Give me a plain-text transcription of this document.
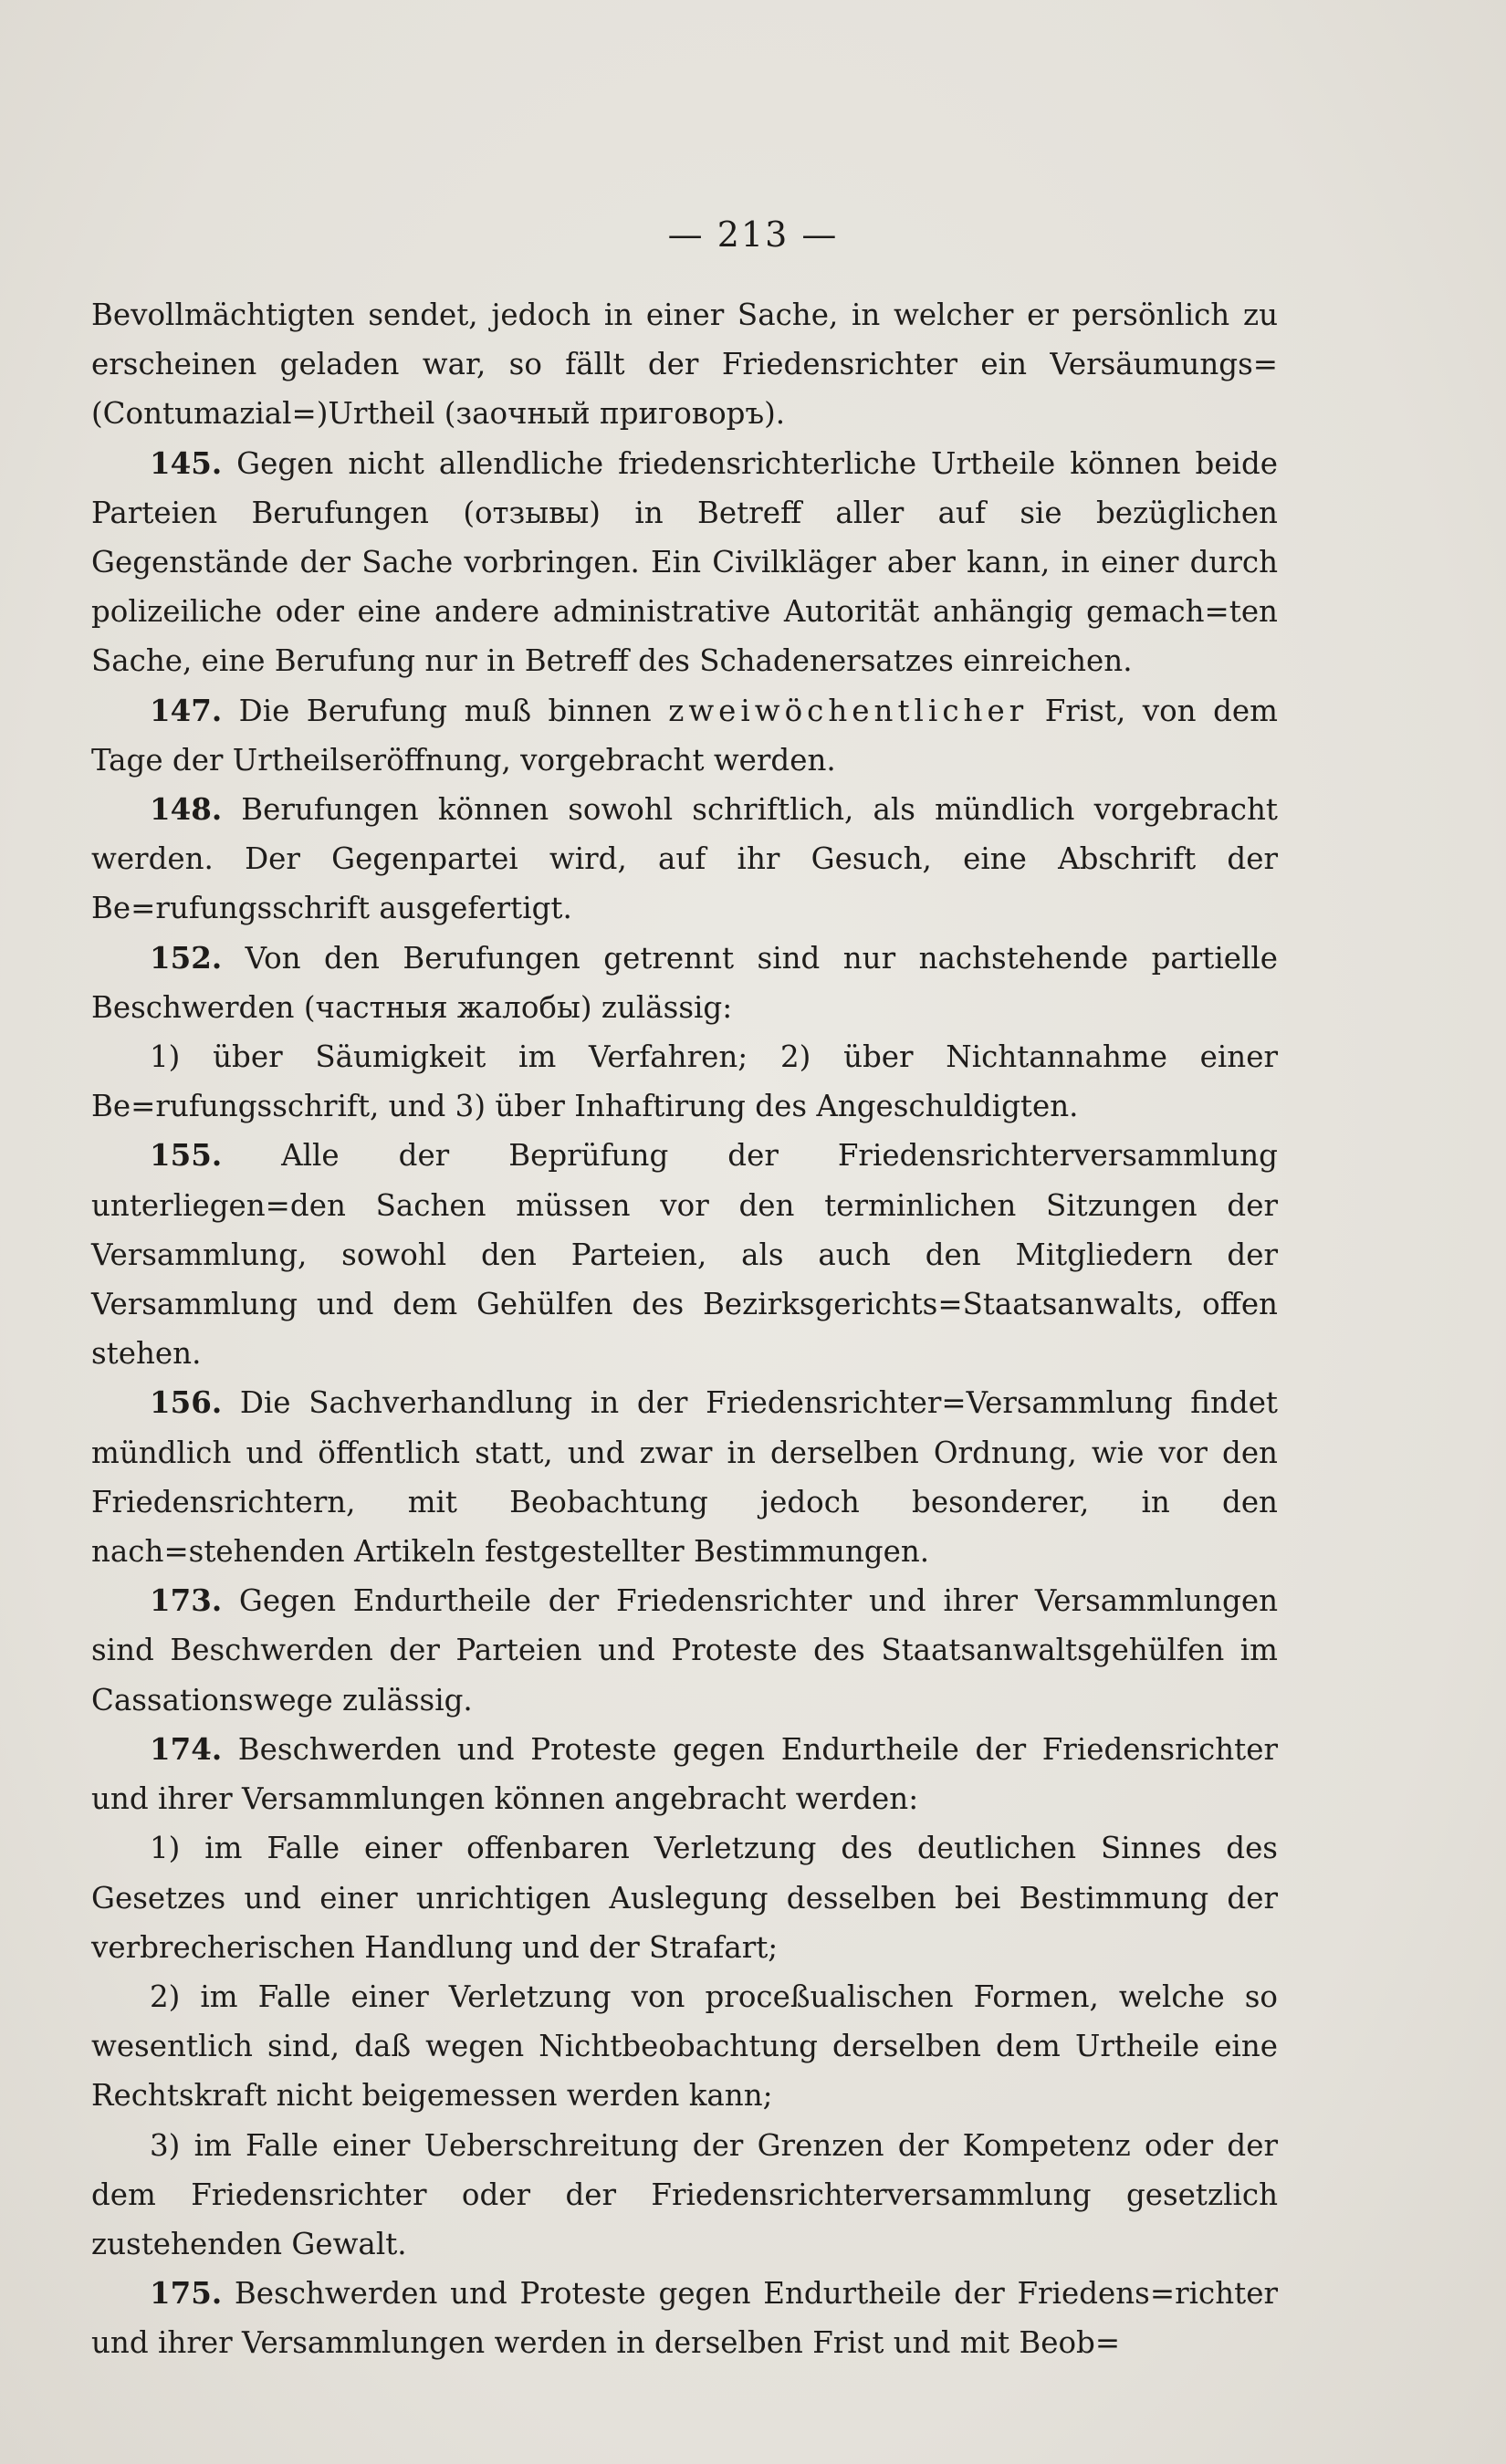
— 213 —

Bevollmächtigten sendet, jedoch in einer Sache, in welcher er persönlich zu erscheinen geladen war, so fällt der Friedensrichter ein Versäumungs=(Contumazial=)Urtheil (заочный приговоръ).

145. Gegen nicht allendliche friedensrichterliche Urtheile können beide Parteien Berufungen (отзывы) in Betreff aller auf sie bezüglichen Gegenstände der Sache vorbringen. Ein Civilkläger aber kann, in einer durch polizeiliche oder eine andere administrative Autorität anhängig gemach=ten Sache, eine Berufung nur in Betreff des Schadenersatzes einreichen.

147. Die Berufung muß binnen zweiwöchentlicher Frist, von dem Tage der Urtheilseröffnung, vorgebracht werden.

148. Berufungen können sowohl schriftlich, als mündlich vorgebracht werden. Der Gegenpartei wird, auf ihr Gesuch, eine Abschrift der Be=rufungsschrift ausgefertigt.

152. Von den Berufungen getrennt sind nur nachstehende partielle Beschwerden (частныя жалобы) zulässig:

1) über Säumigkeit im Verfahren; 2) über Nichtannahme einer Be=rufungsschrift, und 3) über Inhaftirung des Angeschuldigten.

155. Alle der Beprüfung der Friedensrichterversammlung unterliegen=den Sachen müssen vor den terminlichen Sitzungen der Versammlung, sowohl den Parteien, als auch den Mitgliedern der Versammlung und dem Gehülfen des Bezirksgerichts=Staatsanwalts, offen stehen.

156. Die Sachverhandlung in der Friedensrichter=Versammlung findet mündlich und öffentlich statt, und zwar in derselben Ordnung, wie vor den Friedensrichtern, mit Beobachtung jedoch besonderer, in den nach=stehenden Artikeln festgestellter Bestimmungen.

173. Gegen Endurtheile der Friedensrichter und ihrer Versammlungen sind Beschwerden der Parteien und Proteste des Staatsanwaltsgehülfen im Cassationswege zulässig.

174. Beschwerden und Proteste gegen Endurtheile der Friedensrichter und ihrer Versammlungen können angebracht werden:

1) im Falle einer offenbaren Verletzung des deutlichen Sinnes des Gesetzes und einer unrichtigen Auslegung desselben bei Bestimmung der verbrecherischen Handlung und der Strafart;

2) im Falle einer Verletzung von proceßualischen Formen, welche so wesentlich sind, daß wegen Nichtbeobachtung derselben dem Urtheile eine Rechtskraft nicht beigemessen werden kann;

3) im Falle einer Ueberschreitung der Grenzen der Kompetenz oder der dem Friedensrichter oder der Friedensrichterversammlung gesetzlich zustehenden Gewalt.

175. Beschwerden und Proteste gegen Endurtheile der Friedens=richter und ihrer Versammlungen werden in derselben Frist und mit Beob=
